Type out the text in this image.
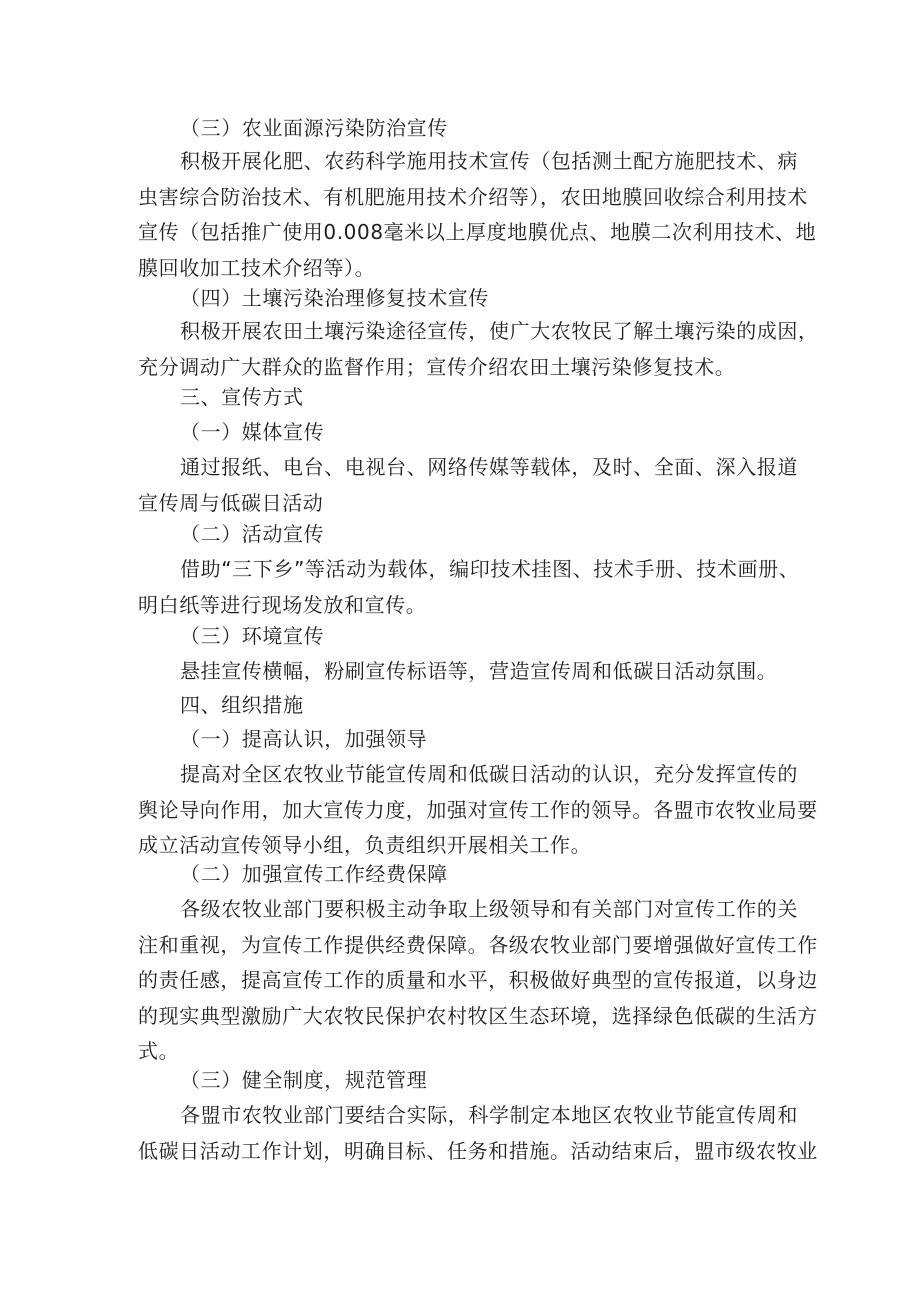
（三）农业面源污染防治宣传
积极开展化肥、农药科学施用技术宣传（包括测土配方施肥技术、病
虫害综合防治技术、有机肥施用技术介绍等），农田地膜回收综合利用技术
宣传（包括推广使用0.008毫米以上厚度地膜优点、地膜二次利用技术、地
膜回收加工技术介绍等）。
（四）土壤污染治理修复技术宣传
积极开展农田土壤污染途径宣传，使广大农牧民了解土壤污染的成因，
充分调动广大群众的监督作用；宣传介绍农田土壤污染修复技术。
三、宣传方式
（一）媒体宣传
通过报纸、电台、电视台、网络传媒等载体，及时、全面、深入报道
宣传周与低碳日活动
（二）活动宣传
借助“三下乡”等活动为载体，编印技术挂图、技术手册、技术画册、
明白纸等进行现场发放和宣传。
（三）环境宣传
悬挂宣传横幅，粉刷宣传标语等，营造宣传周和低碳日活动氛围。
四、组织措施
（一）提高认识，加强领导
提高对全区农牧业节能宣传周和低碳日活动的认识，充分发挥宣传的
舆论导向作用，加大宣传力度，加强对宣传工作的领导。各盟市农牧业局要
成立活动宣传领导小组，负责组织开展相关工作。
（二）加强宣传工作经费保障
各级农牧业部门要积极主动争取上级领导和有关部门对宣传工作的关
注和重视，为宣传工作提供经费保障。各级农牧业部门要增强做好宣传工作
的责任感，提高宣传工作的质量和水平，积极做好典型的宣传报道，以身边
的现实典型激励广大农牧民保护农村牧区生态环境，选择绿色低碳的生活方
式。
（三）健全制度，规范管理
各盟市农牧业部门要结合实际，科学制定本地区农牧业节能宣传周和
低碳日活动工作计划，明确目标、任务和措施。活动结束后，盟市级农牧业
